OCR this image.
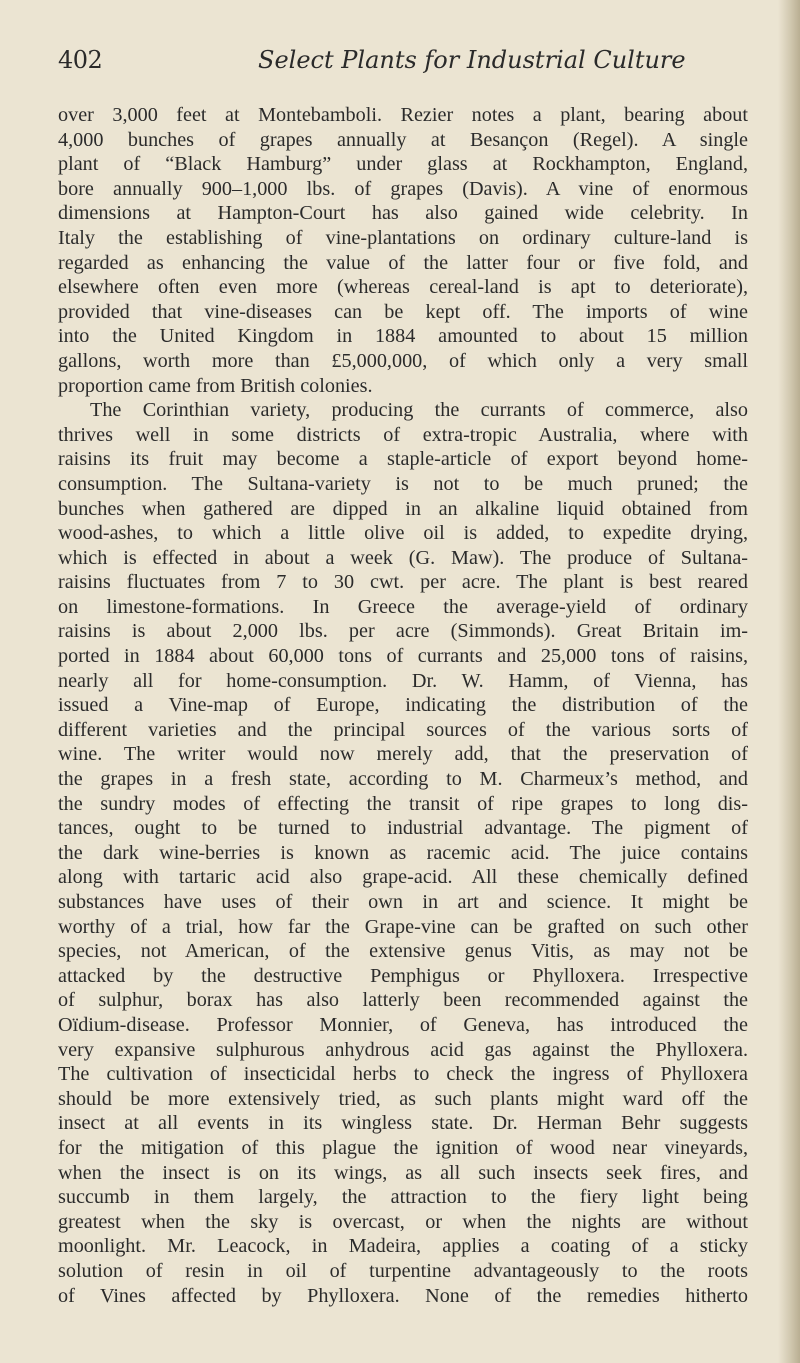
402	Select Plants for Industrial Culture
over 3,000 feet at Montebamboli. Rezier notes a plant, bearing about
4,000 bunches of grapes annually at Besançon (Regel). A single
plant of “Black Hamburg” under glass at Rockhampton, England,
bore annually 900–1,000 lbs. of grapes (Davis). A vine of enormous
dimensions at Hampton-Court has also gained wide celebrity. In
Italy the establishing of vine-plantations on ordinary culture-land is
regarded as enhancing the value of the latter four or five fold, and
elsewhere often even more (whereas cereal-land is apt to deteriorate),
provided that vine-diseases can be kept off. The imports of wine
into the United Kingdom in 1884 amounted to about 15 million
gallons, worth more than £5,000,000, of which only a very small
proportion came from British colonies.
The Corinthian variety, producing the currants of commerce, also
thrives well in some districts of extra-tropic Australia, where with
raisins its fruit may become a staple-article of export beyond home-
consumption. The Sultana-variety is not to be much pruned; the
bunches when gathered are dipped in an alkaline liquid obtained from
wood-ashes, to which a little olive oil is added, to expedite drying,
which is effected in about a week (G. Maw). The produce of Sultana-
raisins fluctuates from 7 to 30 cwt. per acre. The plant is best reared
on limestone-formations. In Greece the average-yield of ordinary
raisins is about 2,000 lbs. per acre (Simmonds). Great Britain im-
ported in 1884 about 60,000 tons of currants and 25,000 tons of raisins,
nearly all for home-consumption. Dr. W. Hamm, of Vienna, has
issued a Vine-map of Europe, indicating the distribution of the
different varieties and the principal sources of the various sorts of
wine. The writer would now merely add, that the preservation of
the grapes in a fresh state, according to M. Charmeux’s method, and
the sundry modes of effecting the transit of ripe grapes to long dis-
tances, ought to be turned to industrial advantage. The pigment of
the dark wine-berries is known as racemic acid. The juice contains
along with tartaric acid also grape-acid. All these chemically defined
substances have uses of their own in art and science. It might be
worthy of a trial, how far the Grape-vine can be grafted on such other
species, not American, of the extensive genus Vitis, as may not be
attacked by the destructive Pemphigus or Phylloxera. Irrespective
of sulphur, borax has also latterly been recommended against the
Oïdium-disease. Professor Monnier, of Geneva, has introduced the
very expansive sulphurous anhydrous acid gas against the Phylloxera.
The cultivation of insecticidal herbs to check the ingress of Phylloxera
should be more extensively tried, as such plants might ward off the
insect at all events in its wingless state. Dr. Herman Behr suggests
for the mitigation of this plague the ignition of wood near vineyards,
when the insect is on its wings, as all such insects seek fires, and
succumb in them largely, the attraction to the fiery light being
greatest when the sky is overcast, or when the nights are without
moonlight. Mr. Leacock, in Madeira, applies a coating of a sticky
solution of resin in oil of turpentine advantageously to the roots
of Vines affected by Phylloxera. None of the remedies hitherto
